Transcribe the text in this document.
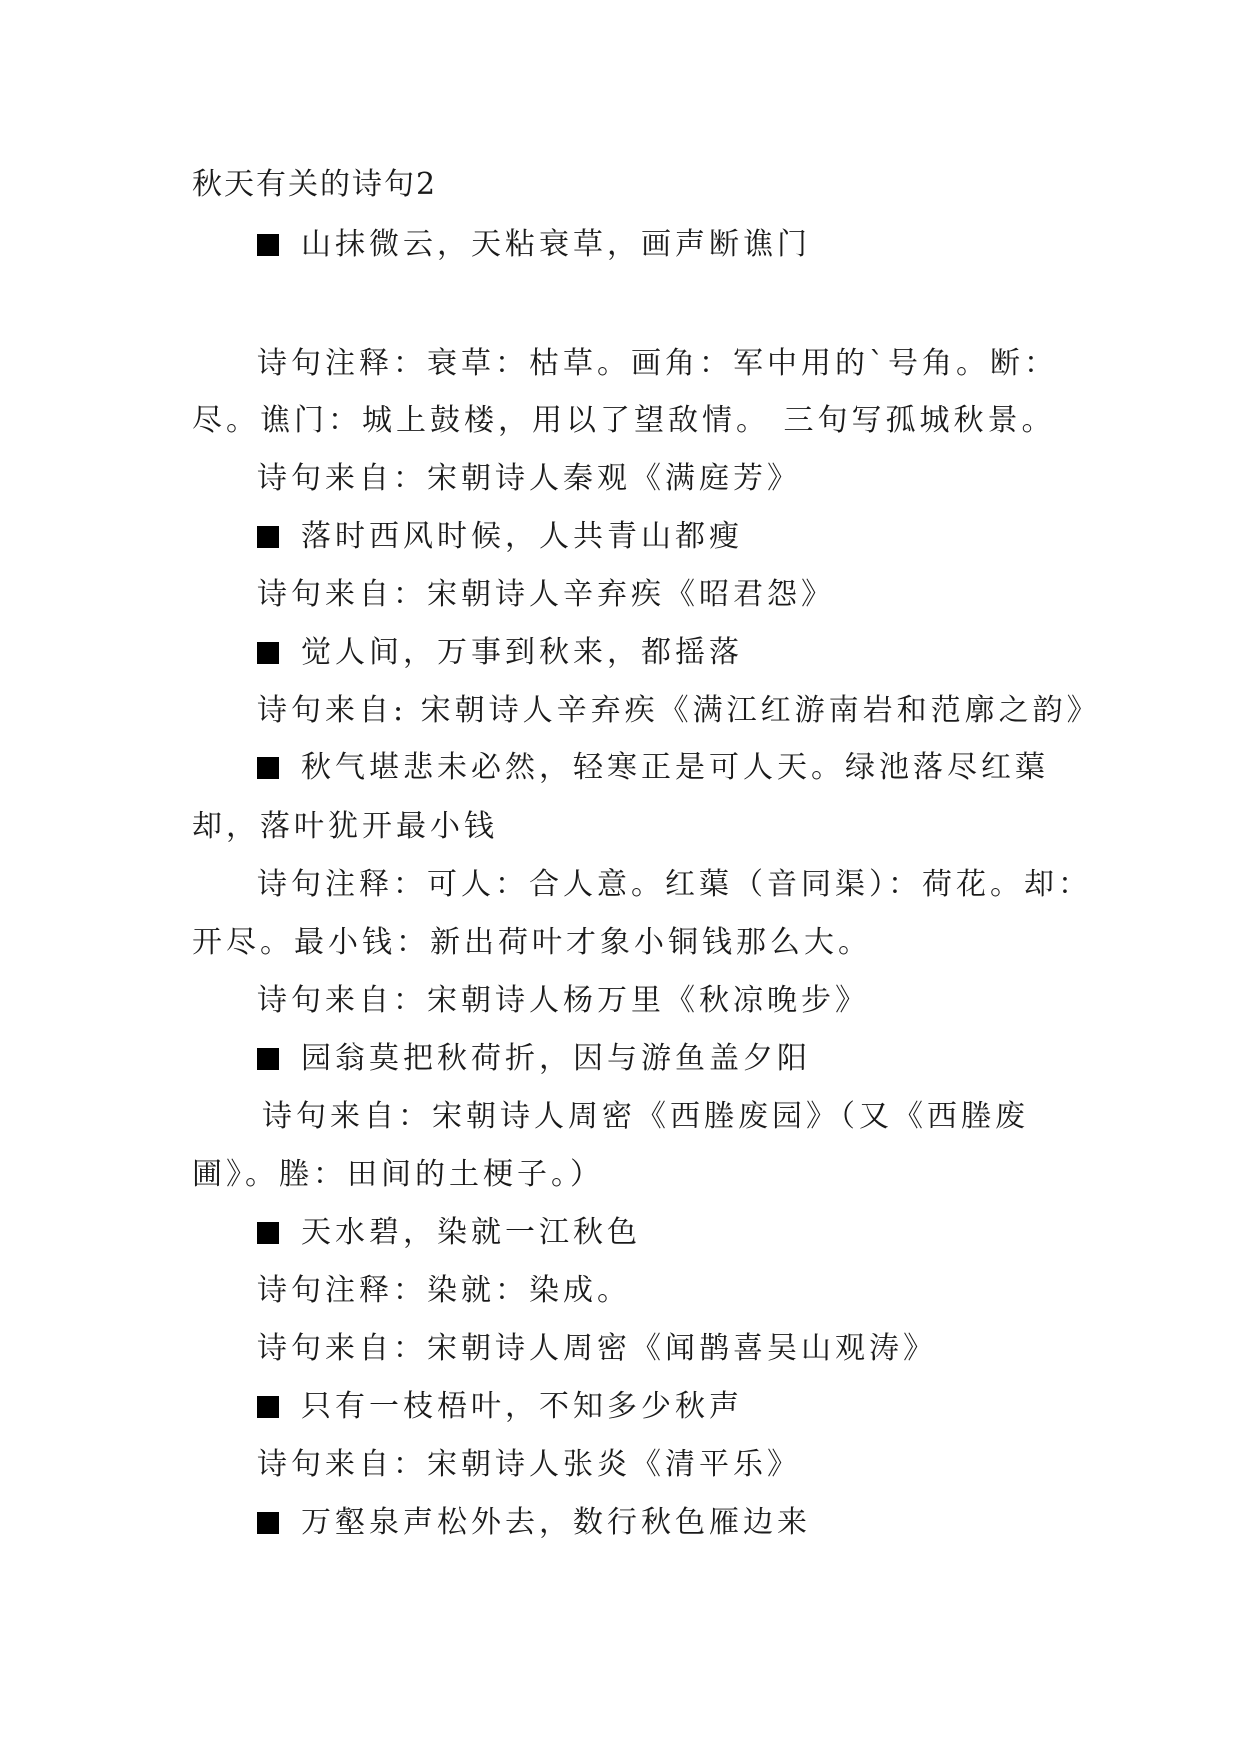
秋天有关的诗句2
山抹微云，天粘衰草，画声断谯门
诗句注释：衰草：枯草。画角：军中用的`号角。断：
尽。谯门：城上鼓楼，用以了望敌情。 三句写孤城秋景。
诗句来自：宋朝诗人秦观《满庭芳》
落时西风时候，人共青山都瘦
诗句来自：宋朝诗人辛弃疾《昭君怨》
觉人间，万事到秋来，都摇落
诗句来自: 宋朝诗人辛弃疾《满江红游南岩和范廓之韵》
秋气堪悲未必然，轻寒正是可人天。绿池落尽红蕖
却，落叶犹开最小钱
诗句注释：可人：合人意。红蕖（音同渠）：荷花。却：
开尽。最小钱：新出荷叶才象小铜钱那么大。
诗句来自：宋朝诗人杨万里《秋凉晚步》
园翁莫把秋荷折，因与游鱼盖夕阳
诗句来自：宋朝诗人周密《西塍废园》（又《西塍废
圃》。塍：田间的土梗子。）
天水碧，染就一江秋色
诗句注释：染就：染成。
诗句来自：宋朝诗人周密《闻鹊喜吴山观涛》
只有一枝梧叶，不知多少秋声
诗句来自：宋朝诗人张炎《清平乐》
万壑泉声松外去，数行秋色雁边来
